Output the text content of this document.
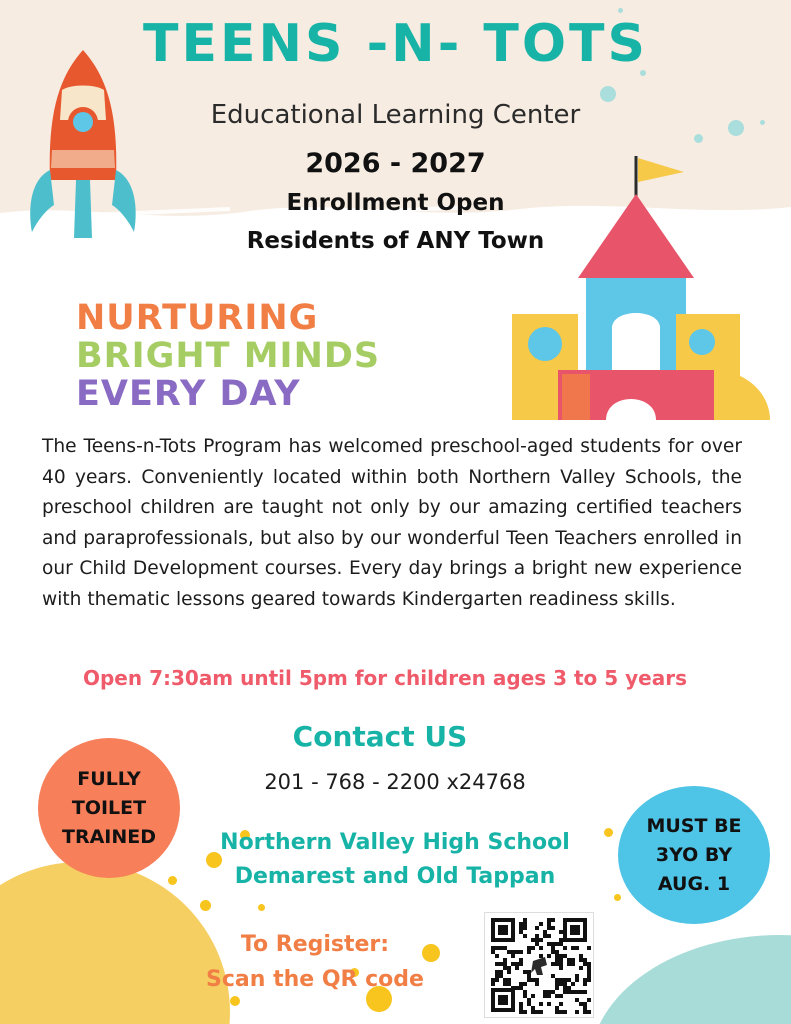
TEENS -N- TOTS

Educational Learning Center

2026 - 2027

Enrollment Open

Residents of ANY Town

NURTURING

BRIGHT MINDS

EVERY DAY

The Teens-n-Tots Program has welcomed preschool-aged students for over 40 years. Conveniently located within both Northern Valley Schools, the preschool children are taught not only by our amazing certified teachers and paraprofessionals, but also by our wonderful Teen Teachers enrolled in our Child Development courses. Every day brings a bright new experience with thematic lessons geared towards Kindergarten readiness skills.

Open 7:30am until 5pm for children ages 3 to 5 years

FULLY
TOILET
TRAINED	MUST BE
3YO BY
AUG. 1

Contact US

201 - 768 - 2200 x24768

Northern Valley High School

Demarest and Old Tappan

To Register:

Scan the QR code
